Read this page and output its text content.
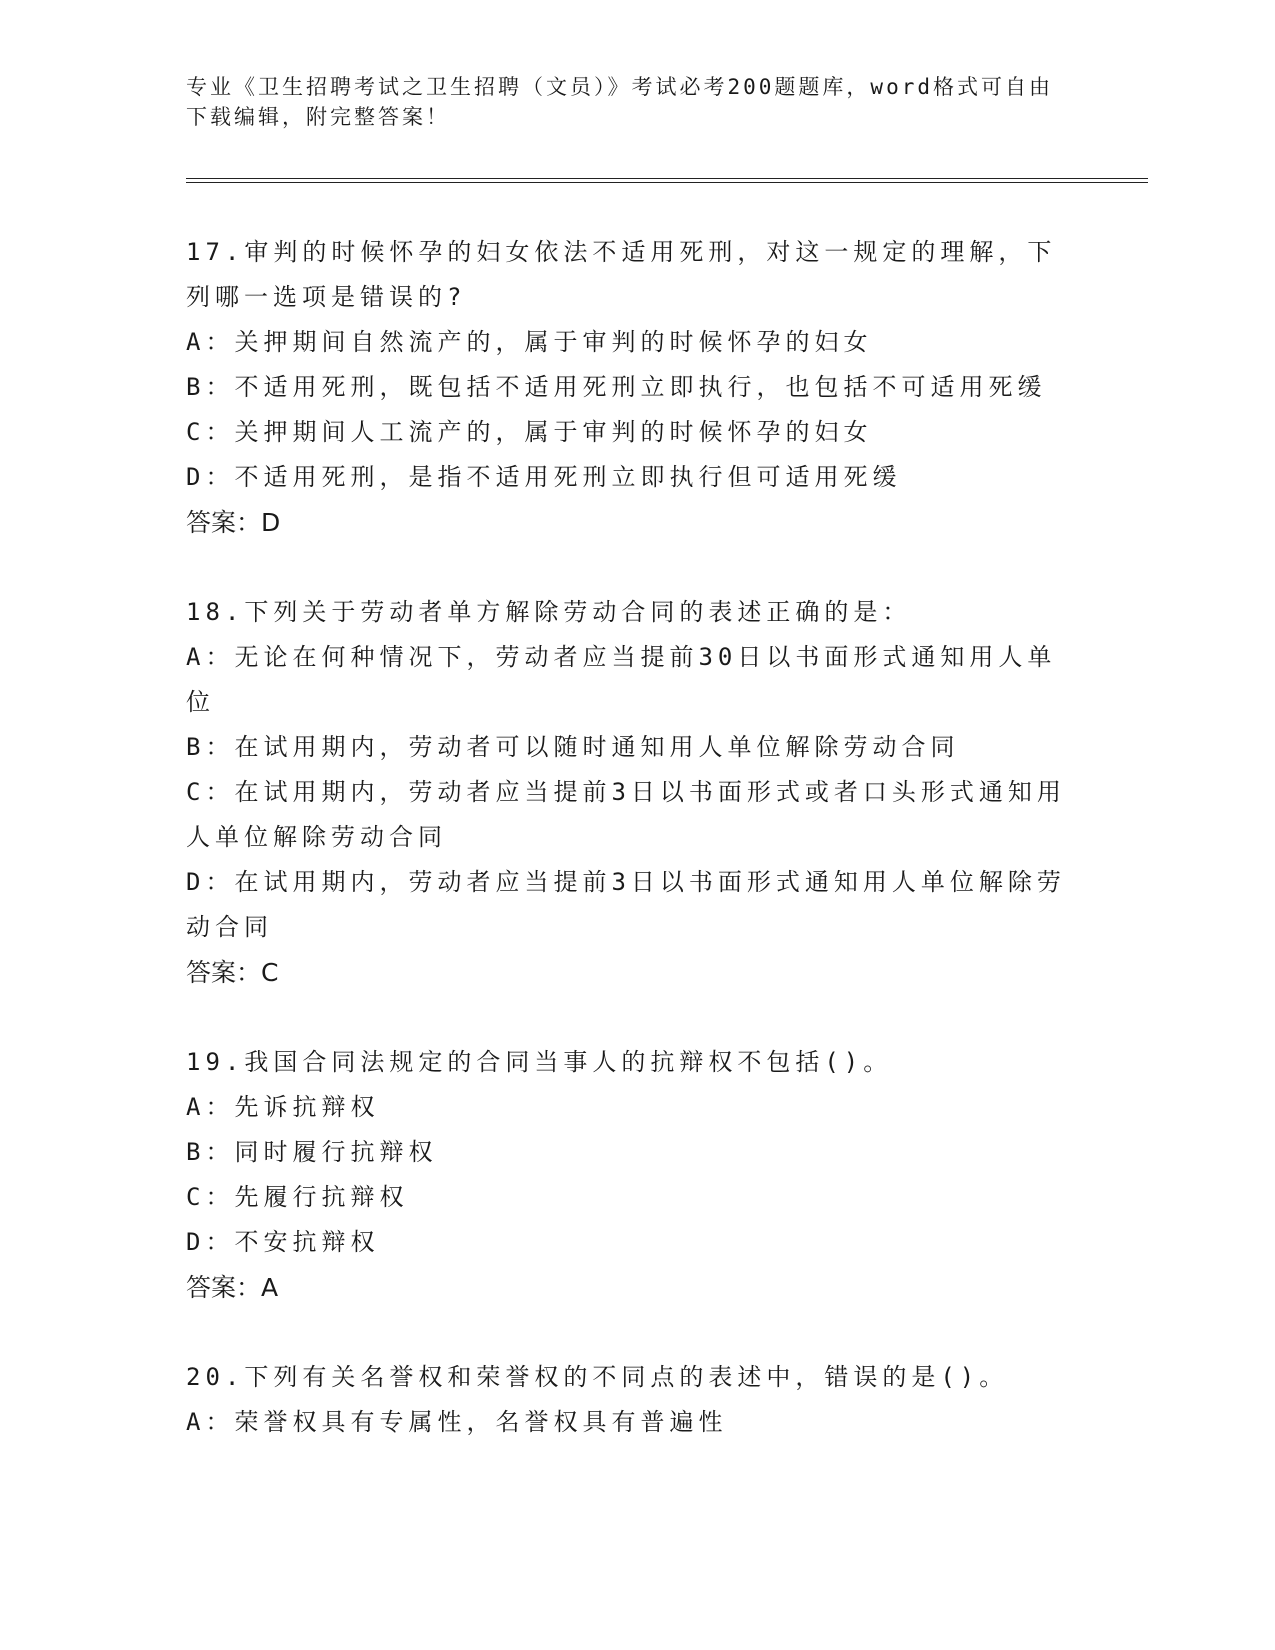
专业《卫生招聘考试之卫生招聘（文员）》考试必考200题题库，word格式可自由下载编辑，附完整答案！
17.审判的时候怀孕的妇女依法不适用死刑，对这一规定的理解，下列哪一选项是错误的?
A：关押期间自然流产的，属于审判的时候怀孕的妇女
B：不适用死刑，既包括不适用死刑立即执行，也包括不可适用死缓
C：关押期间人工流产的，属于审判的时候怀孕的妇女
D：不适用死刑，是指不适用死刑立即执行但可适用死缓
答案：D
18.下列关于劳动者单方解除劳动合同的表述正确的是：
A：无论在何种情况下，劳动者应当提前30日以书面形式通知用人单位
B：在试用期内，劳动者可以随时通知用人单位解除劳动合同
C：在试用期内，劳动者应当提前3日以书面形式或者口头形式通知用人单位解除劳动合同
D：在试用期内，劳动者应当提前3日以书面形式通知用人单位解除劳动合同
答案：C
19.我国合同法规定的合同当事人的抗辩权不包括()。
A：先诉抗辩权
B：同时履行抗辩权
C：先履行抗辩权
D：不安抗辩权
答案：A
20.下列有关名誉权和荣誉权的不同点的表述中，错误的是()。
A：荣誉权具有专属性，名誉权具有普遍性
